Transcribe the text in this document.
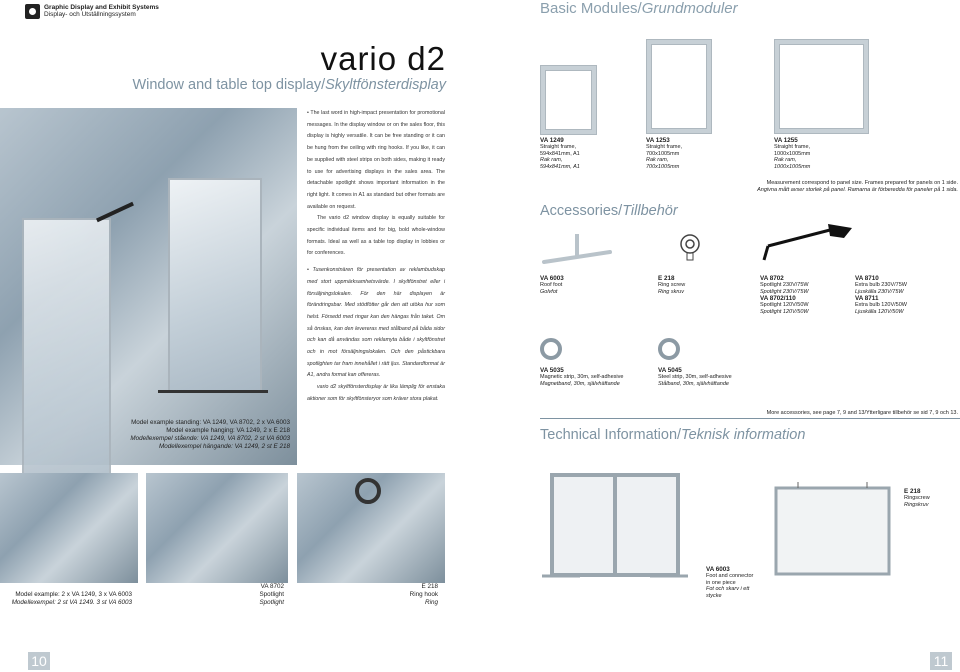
Graphic Display and Exhibit Systems
Display- och Utställningssystem	Basic Modules/Grundmoduler
vario d2
Window and table top display/Skyltfönsterdisplay
Model example standing: VA 1249, VA 8702, 2 x VA 6003
Model example hanging: VA 1249, 2 x E 218
Modellexempel stående: VA 1249, VA 8702, 2 st VA 6003
Modellexempel hängande: VA 1249, 2 st E 218

• The last word in high-impact presentation for promotional messages. In the display window or on the sales floor, this display is highly versatile. It can be free standing or it can be hung from the ceiling with ring hooks. If you like, it can be supplied with steel strips on both sides, making it ready to use for advertising displays in the sales area. The detachable spotlight shows important information in the right light. It comes in A1 as standard but other formats are available on request.

The vario d2 window display is equally suitable for specific individual items and for big, bold whole-window formats. Ideal as well as a table top display in lobbies or for conferences.

• Tusenkonstnären för presentation av reklambudskap med stort uppmärksamhetsvärde. I skyltfönstret eller i försäljningslokalen. För den här displayen är förändringsbar. Med stödfötter går den att utöka hur som helst. Försedd med ringar kan den hängas från taket. Om så önskas, kan den levereras med stålband på båda sidor och kan då användas som reklamyta både i skyltfönstret och in mot försäljningslokalen. Och den påstickbara spotlighten tar fram innehållet i rätt ljus. Standardformat är A1, andra format kan offereras.

vario d2 skyltfönsterdisplay är lika lämplig för enstaka aktioner som för skyltfönsteryor som kräver stora plakat.

Model example: 2 x VA 1249, 3 x VA 6003
Modellexempel: 2 st VA 1249. 3 st VA 6003
VA 8702
Spotlight
Spotlight
E 218
Ring hook
Ring
10
VA 1249
Straight frame,
594x841mm, A1
Rak ram,
594x841mm, A1
VA 1253
Straight frame,
700x1005mm
Rak ram,
700x1005mm
VA 1255
Straight frame,
1000x1005mm
Rak ram,
1000x1005mm
Measurement correspond to panel size. Frames prepared for panels on 1 side.
Angivna mått avser storlek på panel. Ramarna är förberedda för paneler på 1 sida.
Accessories/Tillbehör
VA 6003
Roof foot
Golvfot
E 218
Ring screw
Ring skruv
VA 8702
Spotlight 230V/75W
Spotlight 230V/75W
VA 8702/110
Spotlight 120V/50W
Spotlight 120V/50W
VA 8710
Extra bulb 230V/75W
Ljuskälla 230V/75W
VA 8711
Extra bulb 120V/50W
Ljuskälla 120V/50W
VA 5035
Magnetic strip, 30m, self-adhesive
Magnetband, 30m, självhäftande
VA 5045
Steel strip, 30m, self-adhesive
Stålband, 30m, självhäftande
More accessories, see page 7, 9 and 13/Ytterligare tillbehör se sid 7, 9 och 13.
Technical Information/Teknisk information
E 218
Ringscrew
Ringskruv
VA 6003
Foot and connector
in one piece
Fot och skarv i ett
stycke
11
